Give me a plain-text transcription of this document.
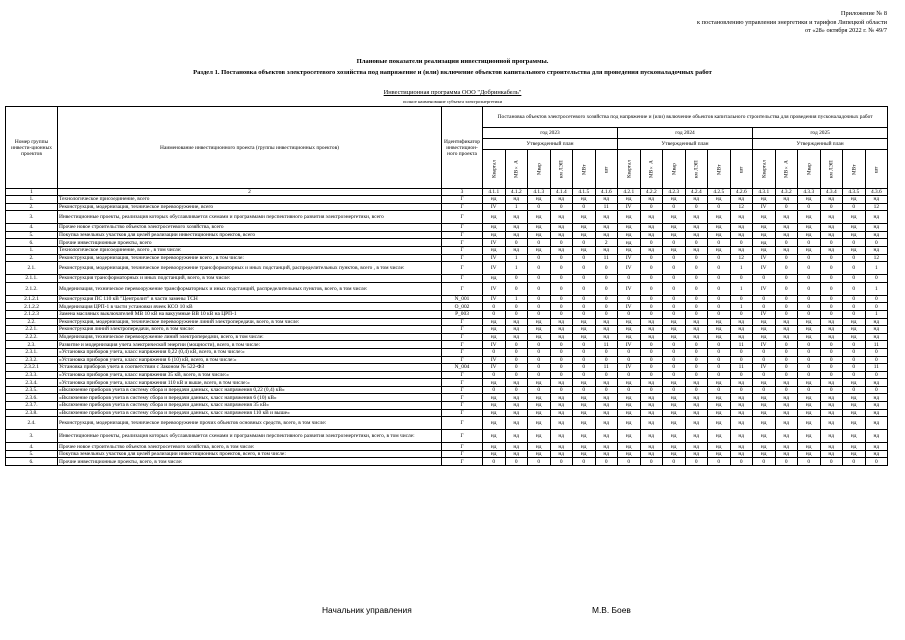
Приложение № 8
к постановлению управления энергетики и тарифов Липецкой области
от «28» октября 2022 г. № 49/7
Плановые показатели реализации инвестиционной программы.
Раздел 1. Постановка объектов электросетевого хозяйства под напряжение и (или) включение объектов капитального строительства для проведения пусконаладочных работ
Инвестиционная программа ООО "Добринкабель"
полное наименование субъекта электроэнергетики
Номер группы инвести-ционных проектов	Наименование инвестиционного проекта (группы инвестиционных проектов)	Идентификатор инвестицион-ного проекта	Постановка объектов электросетевого хозяйства под напряжение и (или) включение объектов капитального строительства для проведения пусконаладочных работ																	
			год 2023						год 2024						год 2025					
			Утвержденный план						Утвержденный план						Утвержденный план					
			Квартал	МВ×А	Мвар	км ЛЭП	МВт	шт	Квартал	МВ×А	Мвар	км ЛЭП	МВт	шт	Квартал	МВ×А	Мвар	км ЛЭП	МВт	шт

1	2	3	4.1.1	4.1.2	4.1.3	4.1.4	4.1.5	4.1.6	4.2.1	4.2.2	4.2.3	4.2.4	4.2.5	4.2.6	4.3.1	4.3.2	4.3.3	4.3.4	4.3.5	4.3.6
1.	Технологическое присоединение, всего	Г	нд	нд	нд	нд	нд	нд	нд	нд	нд	нд	нд	нд	нд	нд	нд	нд	нд	нд
2.	Реконструкция, модернизация, техническое перевооружение, всего	Г	IV	1	0	0	0	11	IV	0	0	0	0	12	IV	0	0	0	0	12
3.	Инвестиционные проекты, реализация которых обуславливается схемами и программами перспективного развития электроэнергетики, всего	Г	нд	нд	нд	нд	нд	нд	нд	нд	нд	нд	нд	нд	нд	нд	нд	нд	нд	нд
4.	Прочее новое строительство объектов электросетевого хозяйства, всего	Г	нд	нд	нд	нд	нд	нд	нд	нд	нд	нд	нд	нд	нд	нд	нд	нд	нд	нд
5.	Покупка земельных участков для целей реализации инвестиционных проектов, всего	Г	нд	нд	нд	нд	нд	нд	нд	нд	нд	нд	нд	нд	нд	нд	нд	нд	нд	нд
6.	Прочие инвестиционные проекты, всего	Г	IV	0	0	0	0	2	нд	0	0	0	0	0	нд	0	0	0	0	0
1.	Технологическое присоединение, всего , в том числе:	Г	нд	нд	нд	нд	нд	нд	нд	нд	нд	нд	нд	нд	нд	нд	нд	нд	нд	нд
2.	Реконструкция, модернизация, техническое перевооружение всего , в том числе:	Г	IV	1	0	0	0	11	IV	0	0	0	0	12	IV	0	0	0	0	12
2.1.	Реконструкция, модернизация, техническое перевооружение трансформаторных и иных подстанций, распределительных пунктов, всего , в том числе:	Г	IV	1	0	0	0	0	IV	0	0	0	0	1	IV	0	0	0	0	1
2.1.1.	Реконструкция трансформаторных и иных подстанций, всего, в том числе:	Г	нд	0	0	0	0	0	0	0	0	0	0	0	0	0	0	0	0	0
2.1.2.	Модернизация, техническое перевооружение трансформаторных и иных подстанций, распределительных пунктов, всего, в том числе:	Г	IV	0	0	0	0	0	IV	0	0	0	0	1	IV	0	0	0	0	1
2.1.2.1	Реконструкция ПС 110 кВ "Центролит" в части замены ТСН	N_001	IV	1	0	0	0	0	0	0	0	0	0	0	0	0	0	0	0	0
2.1.2.2	Модернизация ЦРП-1 в части установки ячеек КСО 10 кВ	O_002	0	0	0	0	0	0	IV	0	0	0	0	1	0	0	0	0	0	0
2.1.2.3	Замена масляных выключателей МВ 10 кВ на вакуумные ВВ 10 кВ на ЦРП-1	P_003	0	0	0	0	0	0	0	0	0	0	0	0	IV	0	0	0	0	1
2.2.	Реконструкция, модернизация, техническое перевооружение линий электропередачи, всего, в том числе:	Г	нд	нд	нд	нд	нд	нд	нд	нд	нд	нд	нд	нд	нд	нд	нд	нд	нд	нд
2.2.1.	Реконструкция линий электропередачи, всего, в том числе:	Г	нд	нд	нд	нд	нд	нд	нд	нд	нд	нд	нд	нд	нд	нд	нд	нд	нд	нд
2.2.2.	Модернизация, техническое перевооружение линий электропередачи, всего, в том числе:	Г	нд	нд	нд	нд	нд	нд	нд	нд	нд	нд	нд	нд	нд	нд	нд	нд	нд	нд
2.3.	Развитие и модернизация учета электрической энергии (мощности), всего, в том числе:	Г	IV	0	0	0	0	11	IV	0	0	0	0	11	IV	0	0	0	0	11
2.3.1.	«Установка приборов учета, класс напряжения 0,22 (0,4) кВ, всего, в том числе:»	Г	0	0	0	0	0	0	0	0	0	0	0	0	0	0	0	0	0	0
2.3.2.	«Установка приборов учета, класс напряжения 6 (10) кВ, всего, в том числе:»	Г	IV	0	0	0	0	0	0	0	0	0	0	0	0	0	0	0	0	0
2.3.2.1	Установка приборов учета в соответствии с Законом № 522-ФЗ	N_004	IV	0	0	0	0	11	IV	0	0	0	0	11	IV	0	0	0	0	11
2.3.3.	«Установка приборов учета, класс напряжения 35 кВ, всего, в том числе:»	Г	0	0	0	0	0	0	0	0	0	0	0	0	0	0	0	0	0	0
2.3.4.	«Установка приборов учета, класс напряжения 110 кВ и выше, всего, в том числе:»	Г	нд	нд	нд	нд	нд	нд	нд	нд	нд	нд	нд	нд	нд	нд	нд	нд	нд	нд
2.3.5.	«Включение приборов учета в систему сбора и передачи данных, класс напряжения 0,22 (0,4) кВ»	Г	0	0	0	0	0	0	0	0	0	0	0	0	0	0	0	0	0	0
2.3.6.	«Включение приборов учета в систему сбора и передачи данных, класс напряжения 6 (10) кВ»	Г	нд	нд	нд	нд	нд	нд	нд	нд	нд	нд	нд	нд	нд	нд	нд	нд	нд	нд
2.3.7.	«Включение приборов учета в систему сбора и передачи данных, класс напряжения 35 кВ»	Г	нд	нд	нд	нд	нд	нд	нд	нд	нд	нд	нд	нд	нд	нд	нд	нд	нд	нд
2.3.8.	«Включение приборов учета в систему сбора и передачи данных, класс напряжения 110 кВ и выше»	Г	нд	нд	нд	нд	нд	нд	нд	нд	нд	нд	нд	нд	нд	нд	нд	нд	нд	нд
2.4.	Реконструкция, модернизация, техническое перевооружение прочих объектов основных средств, всего, в том числе:	Г	нд	нд	нд	нд	нд	нд	нд	нд	нд	нд	нд	нд	нд	нд	нд	нд	нд	нд
3.	Инвестиционные проекты, реализация которых обуславливается схемами и программами перспективного развития электроэнергетики, всего, в том числе:	Г	нд	нд	нд	нд	нд	нд	нд	нд	нд	нд	нд	нд	нд	нд	нд	нд	нд	нд
4.	Прочее новое строительство объектов электросетевого хозяйства, всего, в том числе:	Г	нд	нд	нд	нд	нд	нд	нд	нд	нд	нд	нд	нд	нд	нд	нд	нд	нд	нд
5.	Покупка земельных участков для целей реализации инвестиционных проектов, всего, в том числе:	Г	нд	нд	нд	нд	нд	нд	нд	нд	нд	нд	нд	нд	нд	нд	нд	нд	нд	нд
6.	Прочие инвестиционные проекты, всего, в том числе:	Г	0	0	0	0	0	0	0	0	0	0	0	0	0	0	0	0	0	0
Начальник управления	М.В. Боев
